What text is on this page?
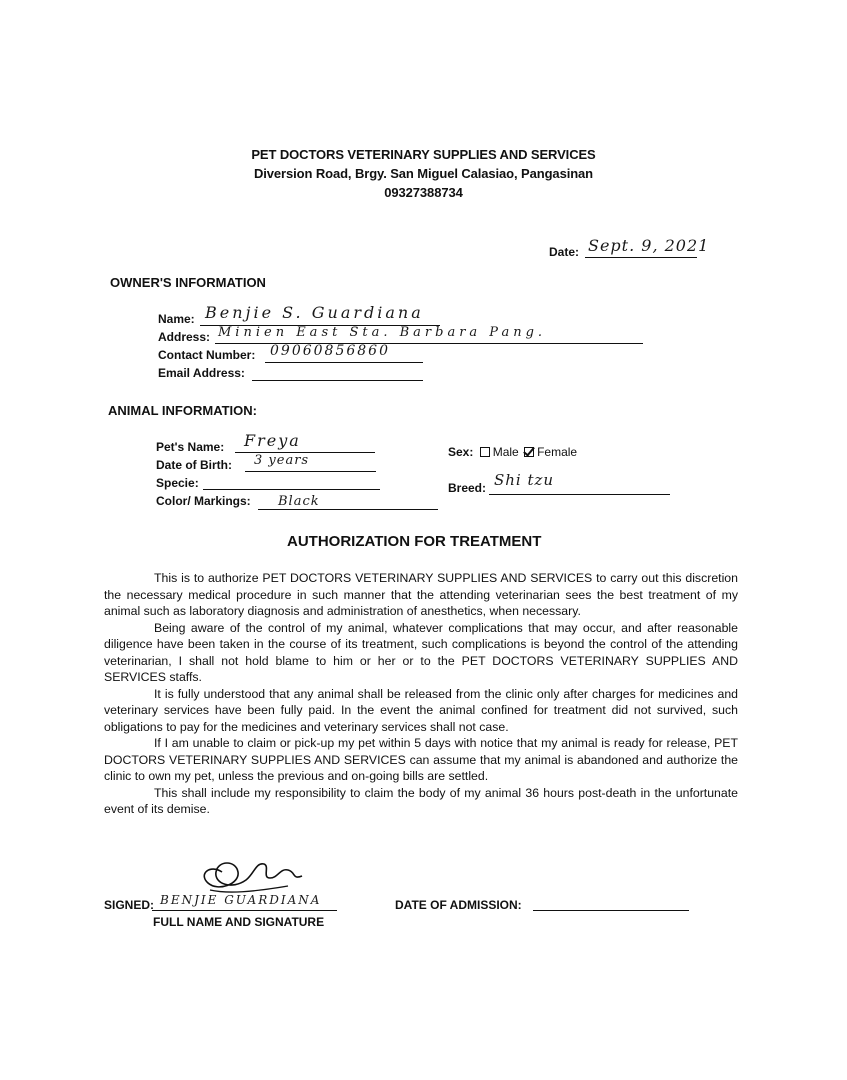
PET DOCTORS VETERINARY SUPPLIES AND SERVICES
Diversion Road, Brgy. San Miguel Calasiao, Pangasinan
09327388734
Date: Sept. 9, 2021
OWNER'S INFORMATION
Name: Benjie S. Guardiana
Address: Minien East Sta. Barbara Pang.
Contact Number: 09060856860
Email Address:
ANIMAL INFORMATION:
Pet's Name: Freya
Date of Birth: 3 years
Specie:
Color/ Markings: Black
Sex: Male Female
Breed: Shi tzu
AUTHORIZATION FOR TREATMENT

This is to authorize PET DOCTORS VETERINARY SUPPLIES AND SERVICES to carry out this discretion the necessary medical procedure in such manner that the attending veterinarian sees the best treatment of my animal such as laboratory diagnosis and administration of anesthetics, when necessary.

Being aware of the control of my animal, whatever complications that may occur, and after reasonable diligence have been taken in the course of its treatment, such complications is beyond the control of the attending veterinarian, I shall not hold blame to him or her or to the PET DOCTORS VETERINARY SUPPLIES AND SERVICES staffs.

It is fully understood that any animal shall be released from the clinic only after charges for medicines and veterinary services have been fully paid. In the event the animal confined for treatment did not survived, such obligations to pay for the medicines and veterinary services shall not case.

If I am unable to claim or pick-up my pet within 5 days with notice that my animal is ready for release, PET DOCTORS VETERINARY SUPPLIES AND SERVICES can assume that my animal is abandoned and authorize the clinic to own my pet, unless the previous and on-going bills are settled.

This shall include my responsibility to claim the body of my animal 36 hours post-death in the unfortunate event of its demise.

SIGNED: BENJIE GUARDIANA
FULL NAME AND SIGNATURE
DATE OF ADMISSION:
